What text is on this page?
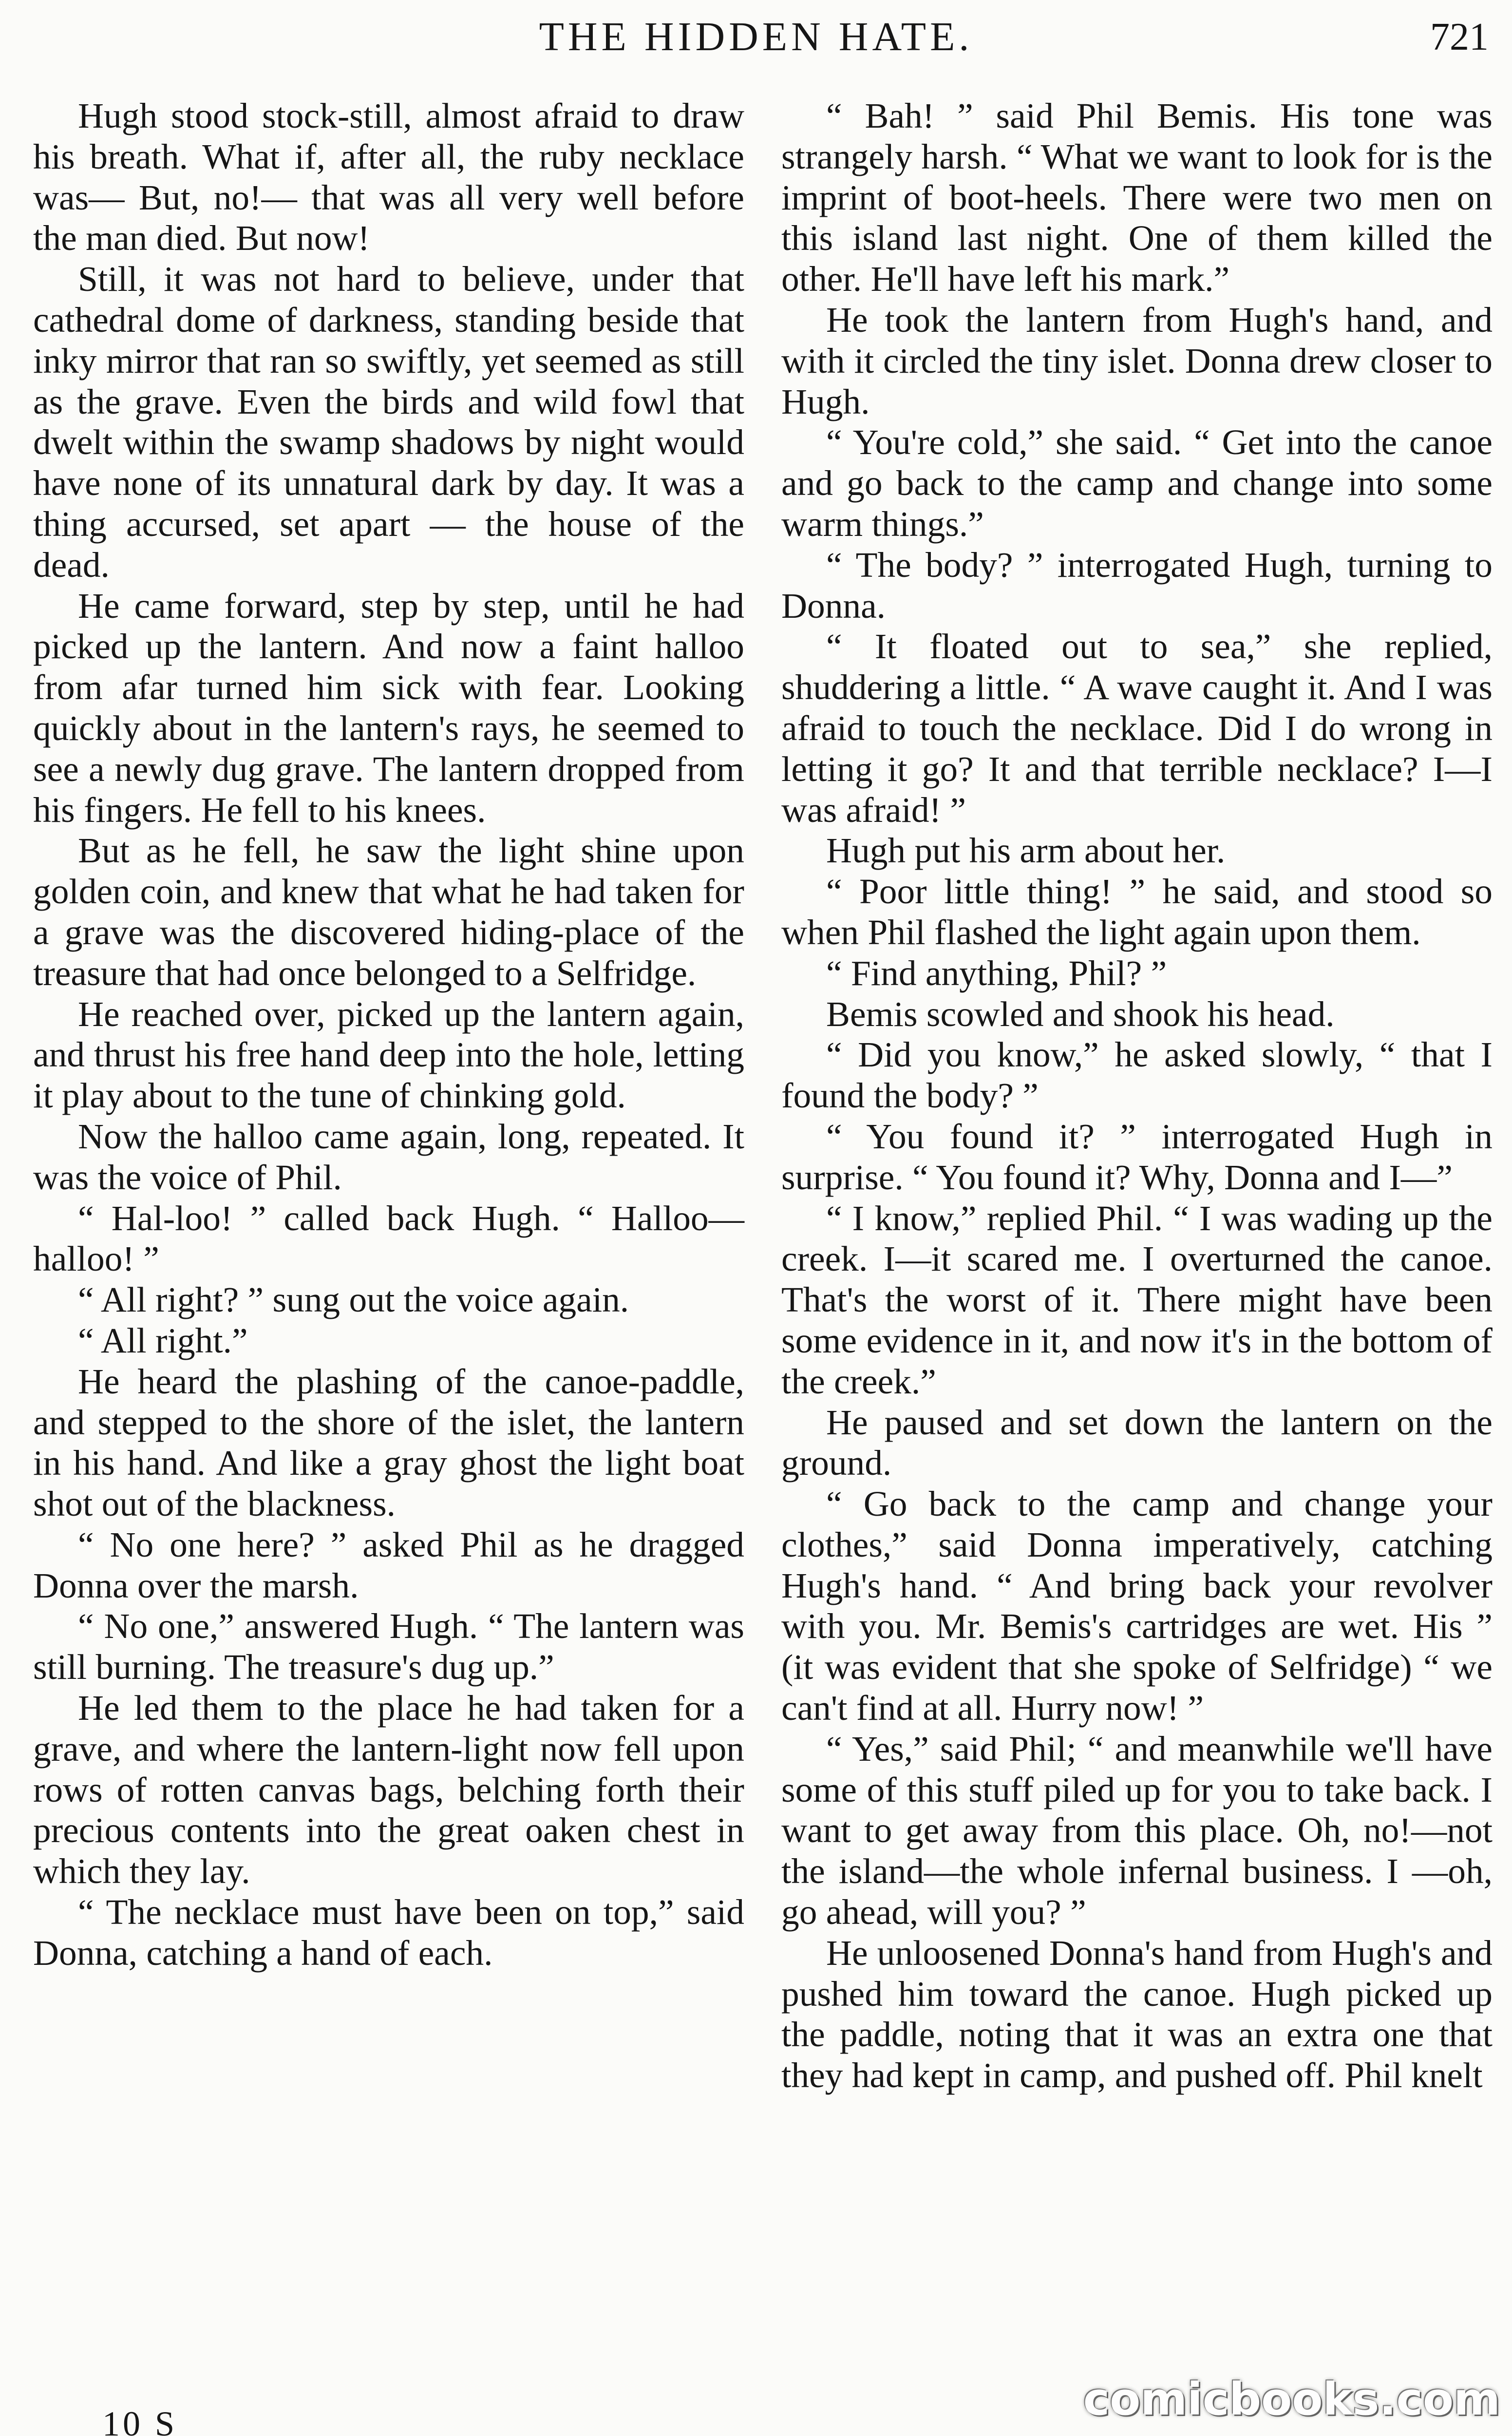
THE HIDDEN HATE.	721

Hugh stood stock-still, almost afraid to draw his breath. What if, after all, the ruby necklace was— But, no!— that was all very well before the man died. But now!

Still, it was not hard to believe, under that cathedral dome of darkness, standing beside that inky mirror that ran so swiftly, yet seemed as still as the grave. Even the birds and wild fowl that dwelt within the swamp shadows by night would have none of its unnatural dark by day. It was a thing accursed, set apart — the house of the dead.

He came forward, step by step, until he had picked up the lantern. And now a faint halloo from afar turned him sick with fear. Looking quickly about in the lantern's rays, he seemed to see a newly dug grave. The lantern dropped from his fingers. He fell to his knees.

But as he fell, he saw the light shine upon golden coin, and knew that what he had taken for a grave was the discovered hiding-place of the treasure that had once belonged to a Selfridge.

He reached over, picked up the lantern again, and thrust his free hand deep into the hole, letting it play about to the tune of chinking gold.

Now the halloo came again, long, repeated. It was the voice of Phil.

“ Hal-loo! ” called back Hugh. “ Halloo—halloo! ”

“ All right? ” sung out the voice again.

“ All right.”

He heard the plashing of the canoe-paddle, and stepped to the shore of the islet, the lantern in his hand. And like a gray ghost the light boat shot out of the blackness.

“ No one here? ” asked Phil as he dragged Donna over the marsh.

“ No one,” answered Hugh. “ The lantern was still burning. The treasure's dug up.”

He led them to the place he had taken for a grave, and where the lantern-light now fell upon rows of rotten canvas bags, belching forth their precious contents into the great oaken chest in which they lay.

“ The necklace must have been on top,” said Donna, catching a hand of each.

“ Bah! ” said Phil Bemis. His tone was strangely harsh. “ What we want to look for is the imprint of boot-heels. There were two men on this island last night. One of them killed the other. He'll have left his mark.”

He took the lantern from Hugh's hand, and with it circled the tiny islet. Donna drew closer to Hugh.

“ You're cold,” she said. “ Get into the canoe and go back to the camp and change into some warm things.”

“ The body? ” interrogated Hugh, turning to Donna.

“ It floated out to sea,” she replied, shuddering a little. “ A wave caught it. And I was afraid to touch the necklace. Did I do wrong in letting it go? It and that terrible necklace? I—I was afraid! ”

Hugh put his arm about her.

“ Poor little thing! ” he said, and stood so when Phil flashed the light again upon them.

“ Find anything, Phil? ”

Bemis scowled and shook his head.

“ Did you know,” he asked slowly, “ that I found the body? ”

“ You found it? ” interrogated Hugh in surprise. “ You found it? Why, Donna and I—”

“ I know,” replied Phil. “ I was wading up the creek. I—it scared me. I overturned the canoe. That's the worst of it. There might have been some evidence in it, and now it's in the bottom of the creek.”

He paused and set down the lantern on the ground.

“ Go back to the camp and change your clothes,” said Donna imperatively, catching Hugh's hand. “ And bring back your revolver with you. Mr. Bemis's cartridges are wet. His ” (it was evident that she spoke of Selfridge) “ we can't find at all. Hurry now! ”

“ Yes,” said Phil; “ and meanwhile we'll have some of this stuff piled up for you to take back. I want to get away from this place. Oh, no!—not the island—the whole infernal business. I —oh, go ahead, will you? ”

He unloosened Donna's hand from Hugh's and pushed him toward the canoe. Hugh picked up the paddle, noting that it was an extra one that they had kept in camp, and pushed off. Phil knelt

10 S	comicbooks.com
